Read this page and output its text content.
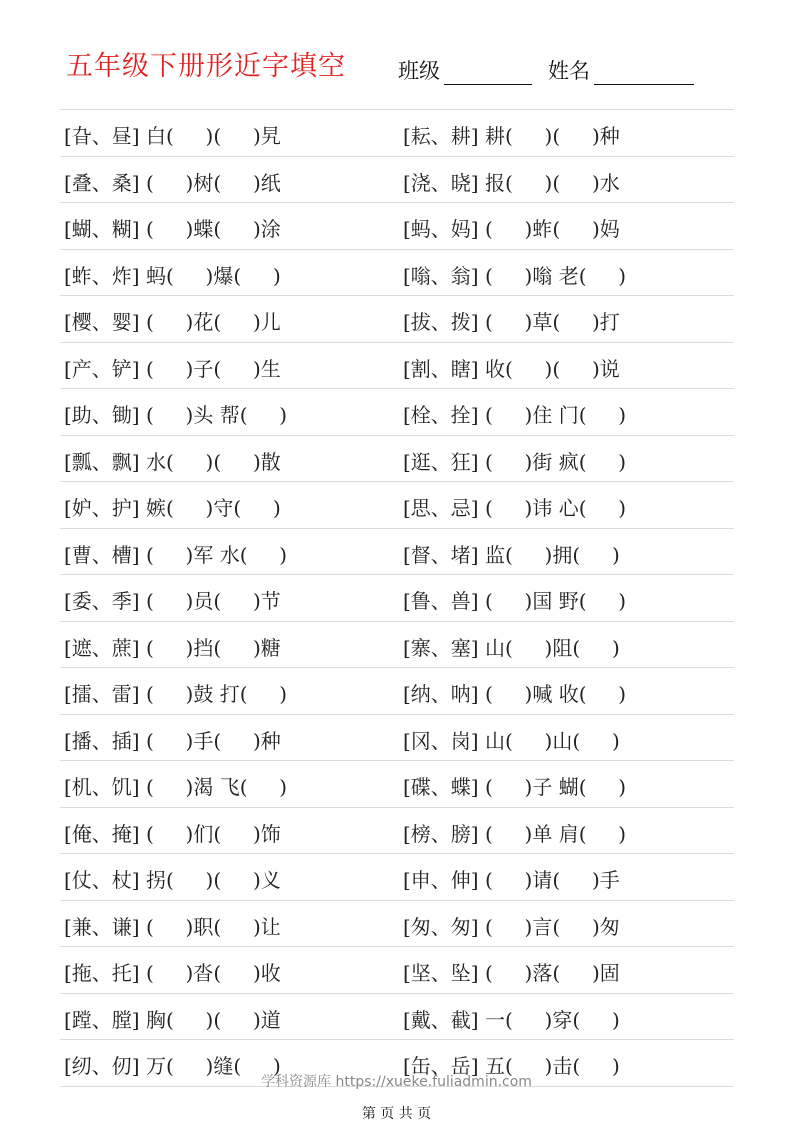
五年级下册形近字填空 班级	姓名
[旮、昼] 白(     )(     )旯	[耘、耕] 耕(     )(     )种
[叠、桑] (     )树(     )纸	[浇、晓] 报(     )(     )水
[蝴、糊] (     )蝶(     )涂	[蚂、妈] (     )蚱(     )妈
[蚱、炸] 蚂(     )爆(     )	[嗡、翁] (     )嗡 老(     )
[樱、婴] (     )花(     )儿	[拔、拨] (     )草(     )打
[产、铲] (     )子(     )生	[割、瞎] 收(     )(     )说
[助、锄] (     )头 帮(     )	[栓、拴] (     )住 门(     )
[瓢、飘] 水(     )(     )散	[逛、狂] (     )街 疯(     )
[妒、护] 嫉(     )守(     )	[思、忌] (     )讳 心(     )
[曹、槽] (     )军 水(     )	[督、堵] 监(     )拥(     )
[委、季] (     )员(     )节	[鲁、兽] (     )国 野(     )
[遮、蔗] (     )挡(     )糖	[寨、塞] 山(     )阻(     )
[擂、雷] (     )鼓 打(     )	[纳、呐] (     )喊 收(     )
[播、插] (     )手(     )种	[冈、岗] 山(     )山(     )
[机、饥] (     )渴 飞(     )	[碟、蝶] (     )子 蝴(     )
[俺、掩] (     )们(     )饰	[榜、膀] (     )单 肩(     )
[仗、杖] 拐(     )(     )义	[申、伸] (     )请(     )手
[兼、谦] (     )职(     )让	[匆、匆] (     )言(     )匆
[拖、托] (     )沓(     )收	[坚、坠] (     )落(     )固
[蹚、膛] 胸(     )(     )道	[戴、截] 一(     )穿(     )
[纫、仞] 万(     )缝(     )	[缶、岳] 五(     )击(     )
学科资源库 https://xueke.fuliadmin.com
第 页 共 页
